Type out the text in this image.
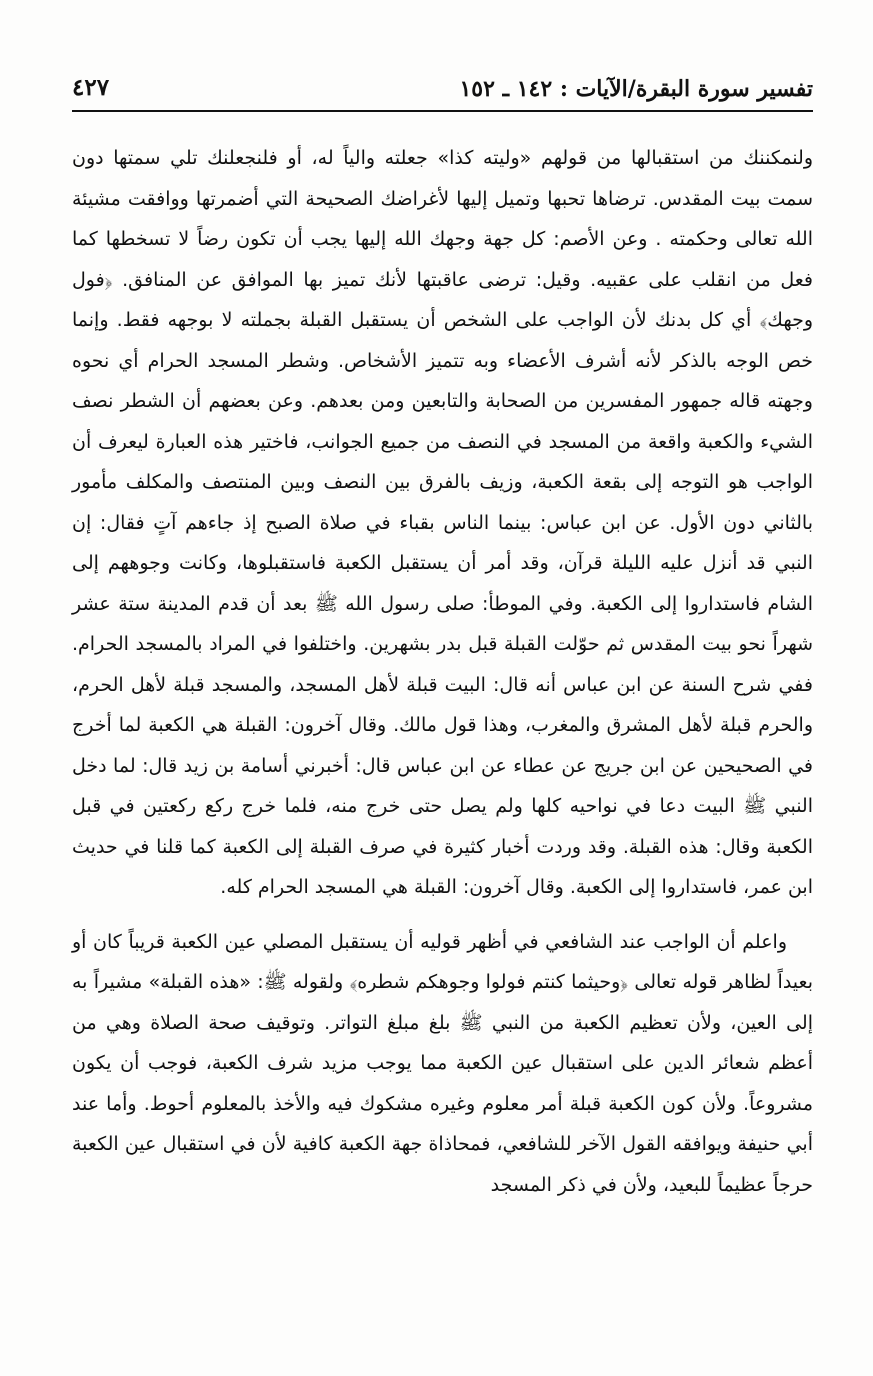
تفسير سورة البقرة/الآيات : ١٤٢ ـ ١٥٢
٤٢٧

ولنمكننك من استقبالها من قولهم «وليته كذا» جعلته والياً له، أو فلنجعلنك تلي سمتها دون سمت بيت المقدس. ترضاها تحبها وتميل إليها لأغراضك الصحيحة التي أضمرتها ووافقت مشيئة الله تعالى وحكمته . وعن الأصم: كل جهة وجهك الله إليها يجب أن تكون رضاً لا تسخطها كما فعل من انقلب على عقبيه. وقيل: ترضى عاقبتها لأنك تميز بها الموافق عن المنافق. ﴿فول وجهك﴾ أي كل بدنك لأن الواجب على الشخص أن يستقبل القبلة بجملته لا بوجهه فقط. وإنما خص الوجه بالذكر لأنه أشرف الأعضاء وبه تتميز الأشخاص. وشطر المسجد الحرام أي نحوه وجهته قاله جمهور المفسرين من الصحابة والتابعين ومن بعدهم. وعن بعضهم أن الشطر نصف الشيء والكعبة واقعة من المسجد في النصف من جميع الجوانب، فاختير هذه العبارة ليعرف أن الواجب هو التوجه إلى بقعة الكعبة، وزيف بالفرق بين النصف وبين المنتصف والمكلف مأمور بالثاني دون الأول. عن ابن عباس: بينما الناس بقباء في صلاة الصبح إذ جاءهم آتٍ فقال: إن النبي قد أنزل عليه الليلة قرآن، وقد أمر أن يستقبل الكعبة فاستقبلوها، وكانت وجوههم إلى الشام فاستداروا إلى الكعبة. وفي الموطأ: صلى رسول الله ﷺ بعد أن قدم المدينة ستة عشر شهراً نحو بيت المقدس ثم حوّلت القبلة قبل بدر بشهرين. واختلفوا في المراد بالمسجد الحرام. ففي شرح السنة عن ابن عباس أنه قال: البيت قبلة لأهل المسجد، والمسجد قبلة لأهل الحرم، والحرم قبلة لأهل المشرق والمغرب، وهذا قول مالك. وقال آخرون: القبلة هي الكعبة لما أخرج في الصحيحين عن ابن جريج عن عطاء عن ابن عباس قال: أخبرني أسامة بن زيد قال: لما دخل النبي ﷺ البيت دعا في نواحيه كلها ولم يصل حتى خرج منه، فلما خرج ركع ركعتين في قبل الكعبة وقال: هذه القبلة. وقد وردت أخبار كثيرة في صرف القبلة إلى الكعبة كما قلنا في حديث ابن عمر، فاستداروا إلى الكعبة. وقال آخرون: القبلة هي المسجد الحرام كله.

واعلم أن الواجب عند الشافعي في أظهر قوليه أن يستقبل المصلي عين الكعبة قريباً كان أو بعيداً لظاهر قوله تعالى ﴿وحيثما كنتم فولوا وجوهكم شطره﴾ ولقوله ﷺ: «هذه القبلة» مشيراً به إلى العين، ولأن تعظيم الكعبة من النبي ﷺ بلغ مبلغ التواتر. وتوقيف صحة الصلاة وهي من أعظم شعائر الدين على استقبال عين الكعبة مما يوجب مزيد شرف الكعبة، فوجب أن يكون مشروعاً. ولأن كون الكعبة قبلة أمر معلوم وغيره مشكوك فيه والأخذ بالمعلوم أحوط. وأما عند أبي حنيفة ويوافقه القول الآخر للشافعي، فمحاذاة جهة الكعبة كافية لأن في استقبال عين الكعبة حرجاً عظيماً للبعيد، ولأن في ذكر المسجد
